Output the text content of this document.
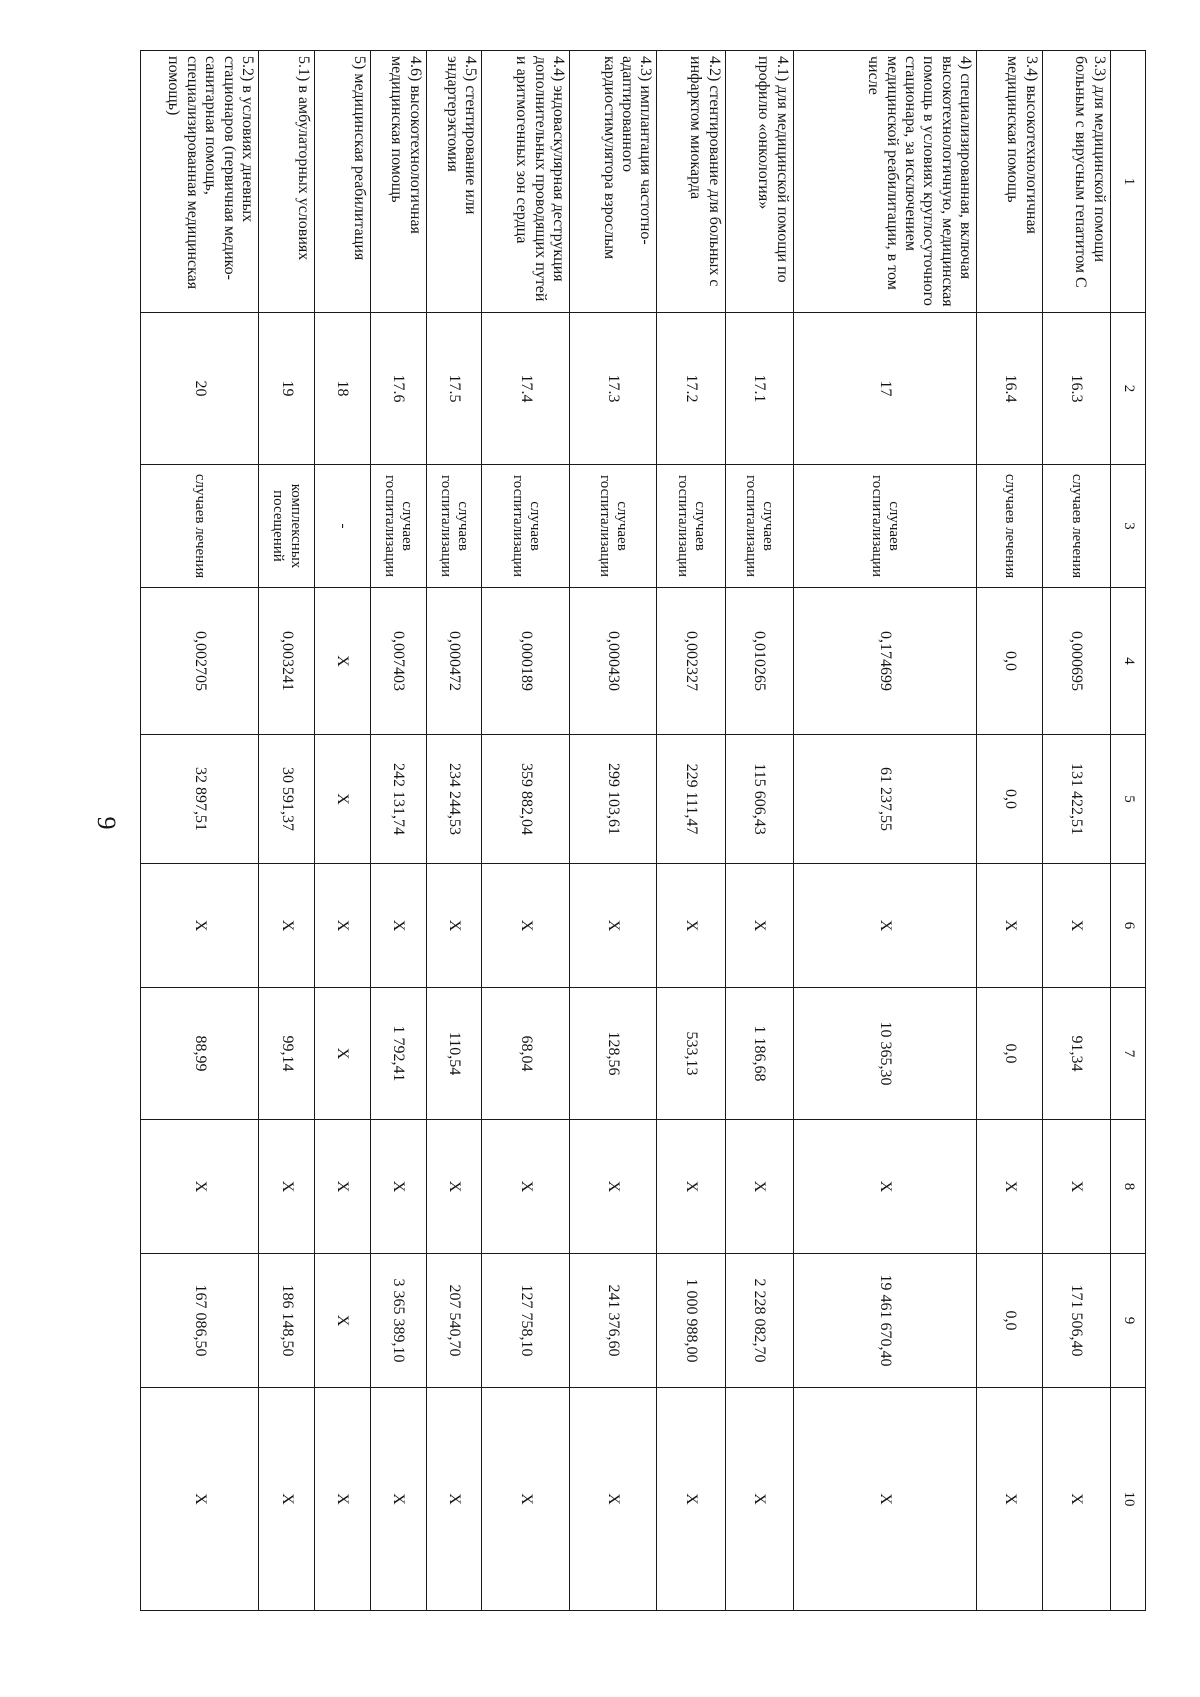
9
1	2	3	4	5	6	7	8	9	10
3.3) для медицинской помощи больным с вирусным гепатитом С	16.3	случаев лечения	0,000695	131 422,51	X	91,34	X	171 506,40	X
3.4) высокотехнологичная медицинская помощь	16.4	случаев лечения	0,0	0,0	X	0,0	X	0,0	X
4) специализированная, включая высокотехнологичную, медицинская помощь в условиях круглосуточного стационара, за исключением медицинской реабилитации, в том числе	17	случаев госпитализации	0,174699	61 237,55	X	10 365,30	X	19 461 670,40	X
4.1) для медицинской помощи по профилю «онкология»	17.1	случаев госпитализации	0,010265	115 606,43	X	1 186,68	X	2 228 082,70	X
4.2) стентирование для больных с инфарктом миокарда	17.2	случаев госпитализации	0,002327	229 111,47	X	533,13	X	1 000 988,00	X
4.3) имплантация частотно-адаптированного кардиостимулятора взрослым	17.3	случаев госпитализации	0,000430	299 103,61	X	128,56	X	241 376,60	X
4.4) эндоваскулярная деструкция дополнительных проводящих путей и аритмогенных зон сердца	17.4	случаев госпитализации	0,000189	359 882,04	X	68,04	X	127 758,10	X
4.5) стентирование или эндартерэктомия	17.5	случаев госпитализации	0,000472	234 244,53	X	110,54	X	207 540,70	X
4.6) высокотехнологичная медицинская помощь	17.6	случаев госпитализации	0,007403	242 131,74	X	1 792,41	X	3 365 389,10	X
5) медицинская реабилитация	18	-	X	X	X	X	X	X	X
5.1) в амбулаторных условиях	19	комплексных посещений	0,003241	30 591,37	X	99,14	X	186 148,50	X
5.2) в условиях дневных стационаров (первичная медико-санитарная помощь, специализированная медицинская помощь)	20	случаев лечения	0,002705	32 897,51	X	88,99	X	167 086,50	X
